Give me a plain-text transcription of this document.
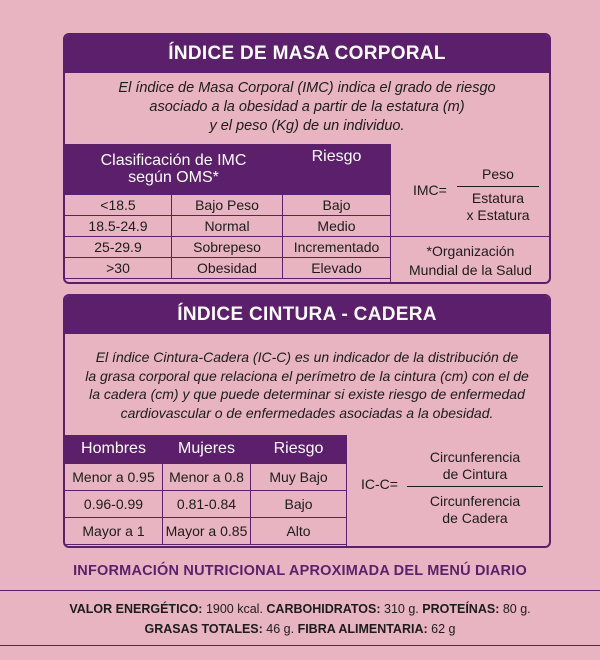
ÍNDICE DE MASA CORPORAL
El índice de Masa Corporal (IMC) indica el grado de riesgo
asociado a la obesidad a partir de la estatura (m)
y el peso (Kg) de un individuo.
Clasificación de IMC
según OMS*		Riesgo
<18.5	Bajo Peso	Bajo
18.5-24.9	Normal	Medio
25-29.9	Sobrepeso	Incrementado
>30	Obesidad	Elevado
IMC=
Peso
Estatura
x Estatura
*Organización
Mundial de la Salud
ÍNDICE CINTURA - CADERA
El índice Cintura-Cadera (IC-C) es un indicador de la distribución de
la grasa corporal que relaciona el perímetro de la cintura (cm) con el de
la cadera (cm) y que puede determinar si existe riesgo de enfermedad
cardiovascular o de enfermedades asociadas a la obesidad.
Hombres	Mujeres	Riesgo
Menor a 0.95	Menor a 0.8	Muy Bajo
0.96-0.99	0.81-0.84	Bajo
Mayor a 1	Mayor a 0.85	Alto
IC-C=
Circunferencia
de Cintura
Circunferencia
de Cadera
INFORMACIÓN NUTRICIONAL APROXIMADA DEL MENÚ DIARIO
VALOR ENERGÉTICO: 1900 kcal. CARBOHIDRATOS: 310 g. PROTEÍNAS: 80 g.
GRASAS TOTALES: 46 g. FIBRA ALIMENTARIA: 62 g
